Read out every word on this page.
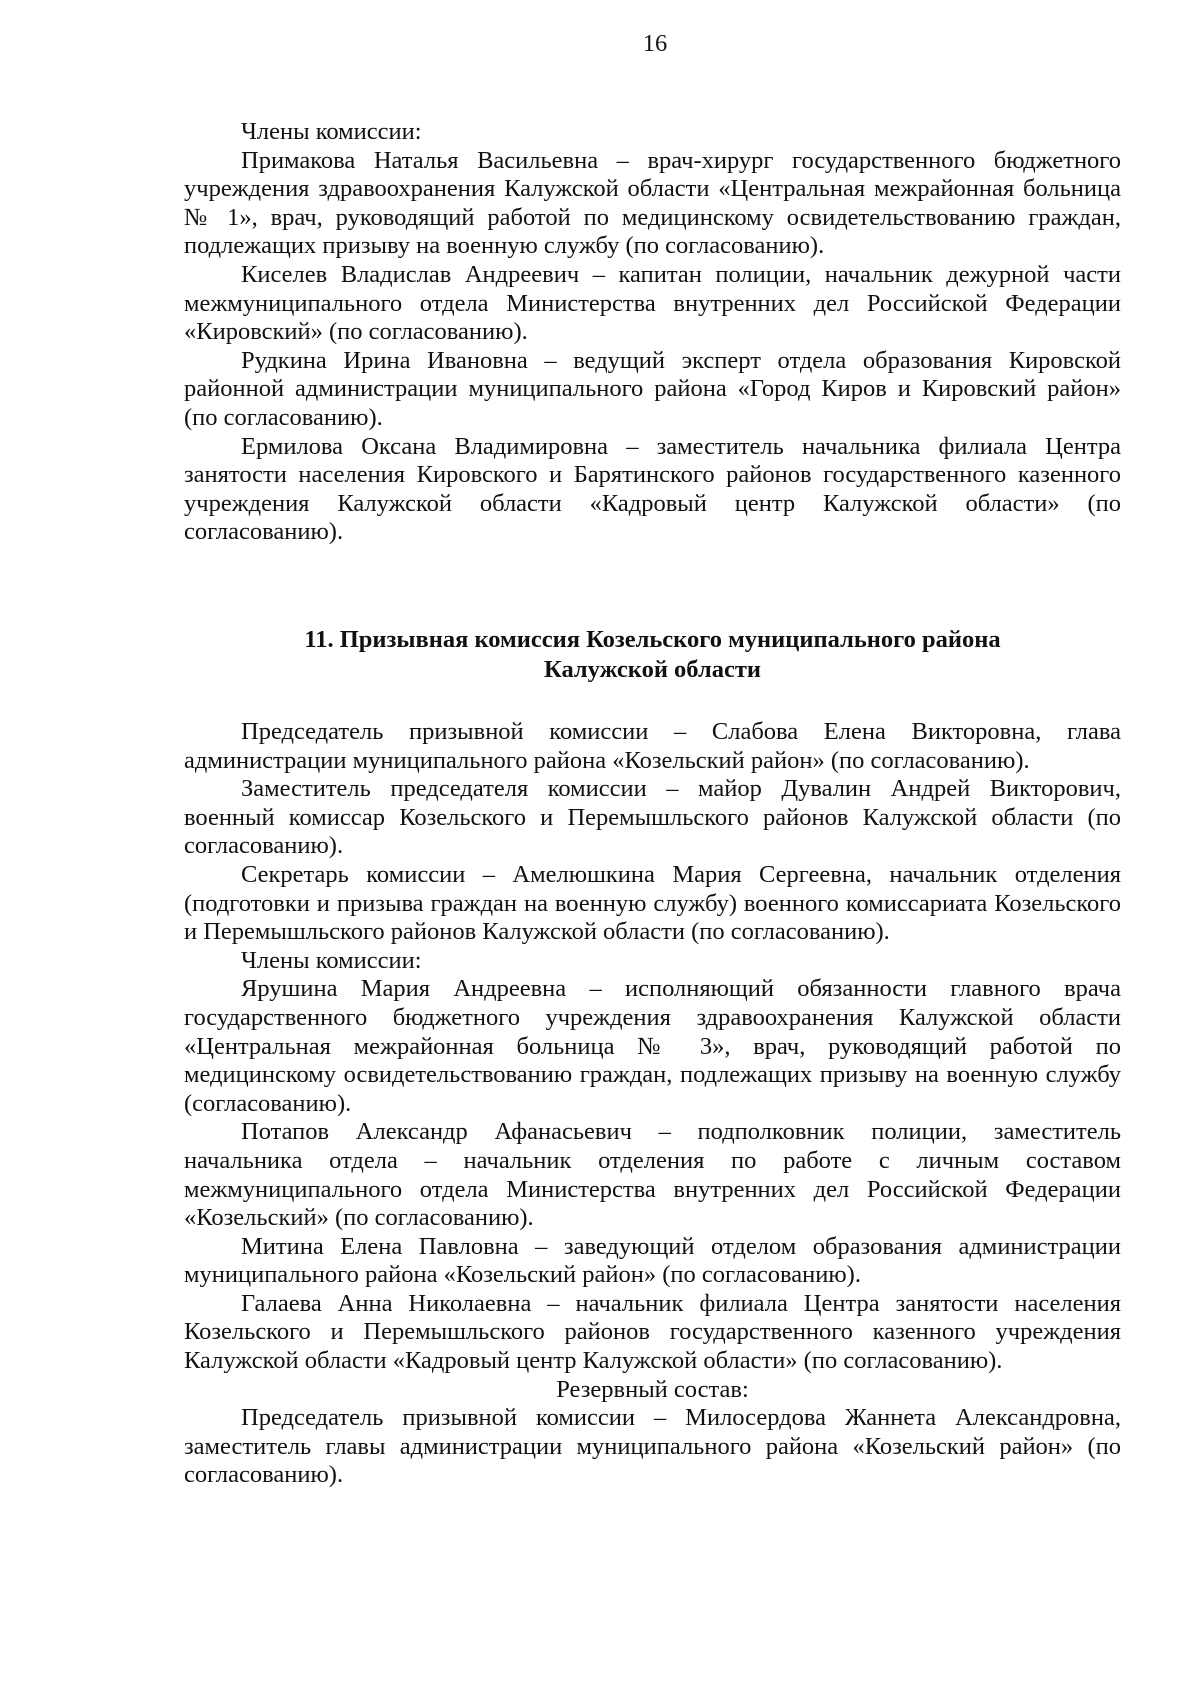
16

Члены комиссии:

Примакова Наталья Васильевна – врач-хирург государственного бюджетного учреждения здравоохранения Калужской области «Центральная межрайонная больница № 1», врач, руководящий работой по медицинскому освидетельствованию граждан, подлежащих призыву на военную службу (по согласованию).

Киселев Владислав Андреевич – капитан полиции, начальник дежурной части межмуниципального отдела Министерства внутренних дел Российской Федерации «Кировский» (по согласованию).

Рудкина Ирина Ивановна – ведущий эксперт отдела образования Кировской районной администрации муниципального района «Город Киров и Кировский район» (по согласованию).

Ермилова Оксана Владимировна – заместитель начальника филиала Центра занятости населения Кировского и Барятинского районов государственного казенного учреждения Калужской области «Кадровый центр Калужской области» (по согласованию).

11. Призывная комиссия Козельского муниципального района
Калужской области

Председатель призывной комиссии – Слабова Елена Викторовна, глава администрации муниципального района «Козельский район» (по согласованию).

Заместитель председателя комиссии – майор Дувалин Андрей Викторович, военный комиссар Козельского и Перемышльского районов Калужской области (по согласованию).

Секретарь комиссии – Амелюшкина Мария Сергеевна, начальник отделения (подготовки и призыва граждан на военную службу) военного комиссариата Козельского и Перемышльского районов Калужской области (по согласованию).

Члены комиссии:

Ярушина Мария Андреевна – исполняющий обязанности главного врача государственного бюджетного учреждения здравоохранения Калужской области «Центральная межрайонная больница № 3», врач, руководящий работой по медицинскому освидетельствованию граждан, подлежащих призыву на военную службу (согласованию).

Потапов Александр Афанасьевич – подполковник полиции, заместитель начальника отдела – начальник отделения по работе с личным составом межмуниципального отдела Министерства внутренних дел Российской Федерации «Козельский» (по согласованию).

Митина Елена Павловна – заведующий отделом образования администрации муниципального района «Козельский район» (по согласованию).

Галаева Анна Николаевна – начальник филиала Центра занятости населения Козельского и Перемышльского районов государственного казенного учреждения Калужской области «Кадровый центр Калужской области» (по согласованию).

Резервный состав:

Председатель призывной комиссии – Милосердова Жаннета Александровна, заместитель главы администрации муниципального района «Козельский район» (по согласованию).
